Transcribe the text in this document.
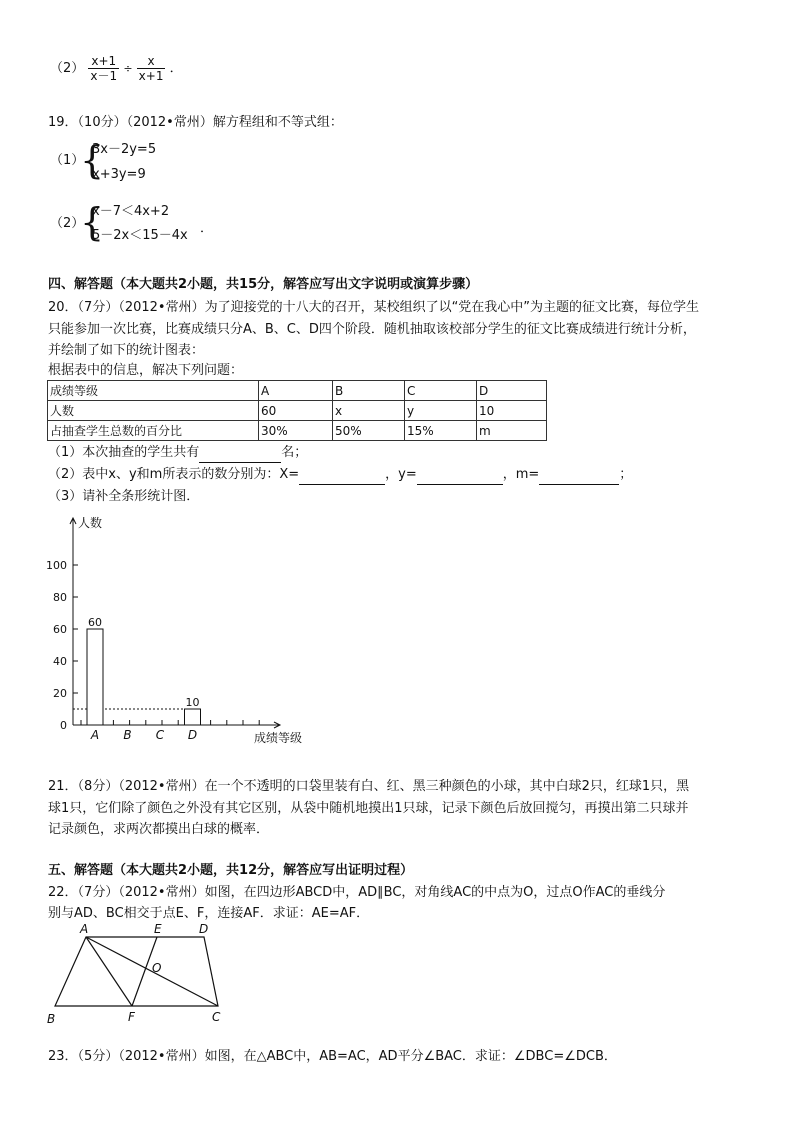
$(2) \frac{x+1}{x-1} \div \frac{x}{x+1}$ ．
19．（10分）（2012•常州）解方程组和不等式组：
（1）
{
3x－2y=5
x+3y=9
（2）
{
x－7＜4x+2
5－2x＜15－4x ．
四、解答题（本大题共2小题，共15分，解答应写出文字说明或演算步骤）
20．（7分）（2012•常州）为了迎接党的十八大的召开，某校组织了以“党在我心中”为主题的征文比赛，每位学生
只能参加一次比赛，比赛成绩只分A、B、C、D四个阶段．随机抽取该校部分学生的征文比赛成绩进行统计分析，
并绘制了如下的统计图表：
根据表中的信息，解决下列问题：
成绩等级	A	B	C	D
人数	60	x	y	10
占抽查学生总数的百分比	30%	50%	15%	m
（1）本次抽查的学生共有	名；
（2）表中x、y和m所表示的数分别为：X=	，y=	，m=	；
（3）请补全条形统计图．
人数
成绩等级
0
20
40
60
80
100
60
A B C
10
D
21．（8分）（2012•常州）在一个不透明的口袋里装有白、红、黑三种颜色的小球，其中白球2只，红球1只，黑
球1只，它们除了颜色之外没有其它区别，从袋中随机地摸出1只球，记录下颜色后放回搅匀，再摸出第二只球并
记录颜色，求两次都摸出白球的概率．
五、解答题（本大题共2小题，共12分，解答应写出证明过程）
22．（7分）（2012•常州）如图，在四边形ABCD中，AD∥BC，对角线AC的中点为O，过点O作AC的垂线分
别与AD、BC相交于点E、F，连接AF．求证：AE=AF．
A	E	D
O
B	F	C
23．（5分）（2012•常州）如图，在△ABC中，AB=AC，AD平分∠BAC．求证：∠DBC=∠DCB．
